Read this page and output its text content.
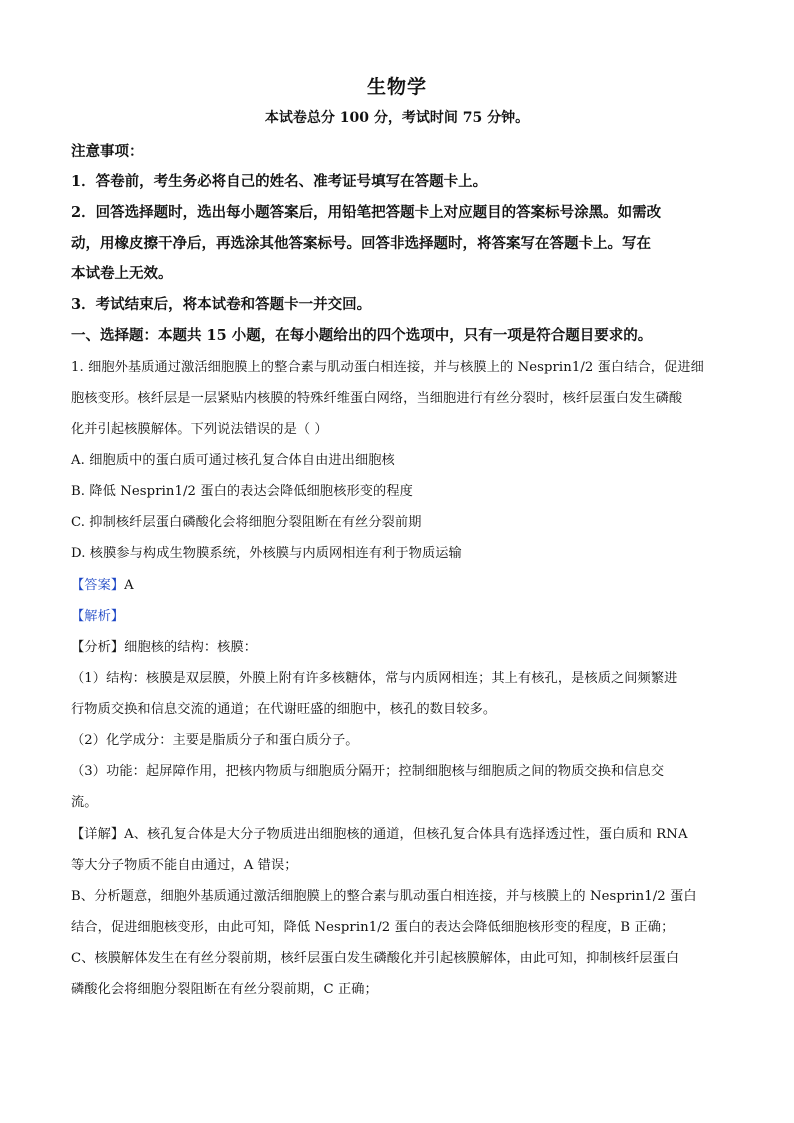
生物学
本试卷总分 100 分，考试时间 75 分钟。
注意事项：
1．答卷前，考生务必将自己的姓名、准考证号填写在答题卡上。
2．回答选择题时，选出每小题答案后，用铅笔把答题卡上对应题目的答案标号涂黑。如需改
动，用橡皮擦干净后，再选涂其他答案标号。回答非选择题时，将答案写在答题卡上。写在
本试卷上无效。
3．考试结束后，将本试卷和答题卡一并交回。
一、选择题：本题共 15 小题，在每小题给出的四个选项中，只有一项是符合题目要求的。
1. 细胞外基质通过激活细胞膜上的整合素与肌动蛋白相连接，并与核膜上的 Nesprin1/2 蛋白结合，促进细
胞核变形。核纤层是一层紧贴内核膜的特殊纤维蛋白网络，当细胞进行有丝分裂时，核纤层蛋白发生磷酸
化并引起核膜解体。下列说法错误的是（ ）
A. 细胞质中的蛋白质可通过核孔复合体自由进出细胞核
B. 降低 Nesprin1/2 蛋白的表达会降低细胞核形变的程度
C. 抑制核纤层蛋白磷酸化会将细胞分裂阻断在有丝分裂前期
D. 核膜参与构成生物膜系统，外核膜与内质网相连有利于物质运输
【答案】A
【解析】
【分析】细胞核的结构：核膜：
（1）结构：核膜是双层膜，外膜上附有许多核糖体，常与内质网相连；其上有核孔，是核质之间频繁进
行物质交换和信息交流的通道；在代谢旺盛的细胞中，核孔的数目较多。
（2）化学成分：主要是脂质分子和蛋白质分子。
（3）功能：起屏障作用，把核内物质与细胞质分隔开；控制细胞核与细胞质之间的物质交换和信息交
流。
【详解】A、核孔复合体是大分子物质进出细胞核的通道，但核孔复合体具有选择透过性，蛋白质和 RNA
等大分子物质不能自由通过，A 错误；
B、分析题意，细胞外基质通过激活细胞膜上的整合素与肌动蛋白相连接，并与核膜上的 Nesprin1/2 蛋白
结合，促进细胞核变形，由此可知，降低 Nesprin1/2 蛋白的表达会降低细胞核形变的程度，B 正确；
C、核膜解体发生在有丝分裂前期，核纤层蛋白发生磷酸化并引起核膜解体，由此可知，抑制核纤层蛋白
磷酸化会将细胞分裂阻断在有丝分裂前期，C 正确；
